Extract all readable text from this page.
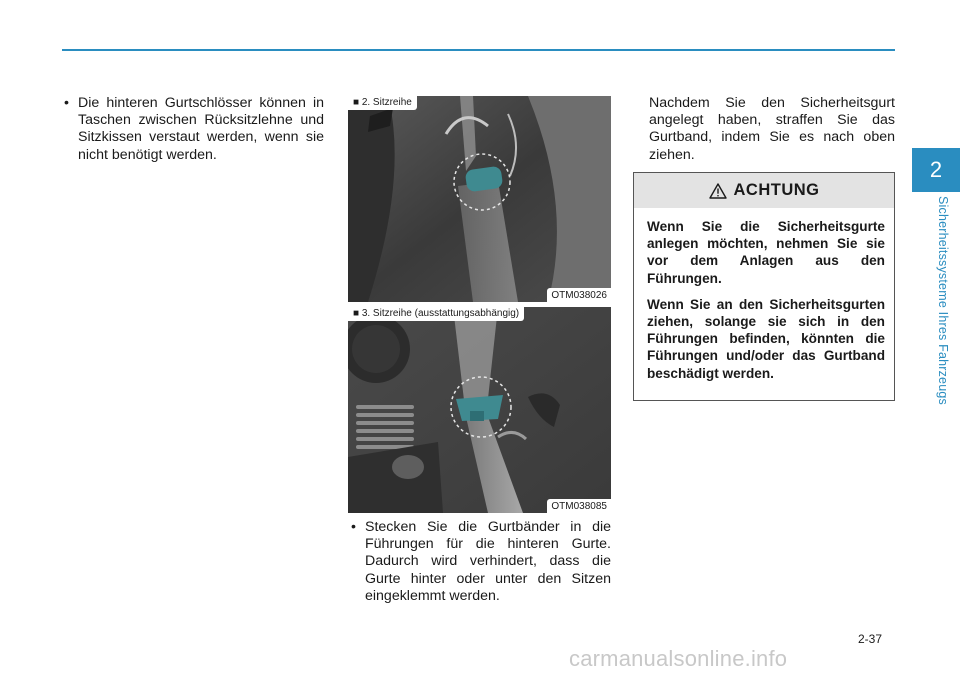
2
Sicherheitssysteme Ihres Fahrzeugs

• Die hinteren Gurtschlösser können in Taschen zwischen Rücksitzlehne und Sitzkissen verstaut werden, wenn sie nicht benötigt werden.

■ 2. Sitzreihe
OTM038026
■ 3. Sitzreihe (ausstattungsabhängig)
OTM038085

• Stecken Sie die Gurtbänder in die Führungen für die hinteren Gurte. Dadurch wird verhindert, dass die Gurte hinter oder unter den Sitzen eingeklemmt werden.

Nachdem Sie den Sicherheitsgurt angelegt haben, straffen Sie das Gurtband, indem Sie es nach oben ziehen.

ACHTUNG

Wenn Sie die Sicherheitsgurte anlegen möchten, nehmen Sie sie vor dem Anlagen aus den Führungen.

Wenn Sie an den Sicherheitsgurten ziehen, solange sie sich in den Führungen befinden, könnten die Führungen und/oder das Gurtband beschädigt werden.

2-37
carmanualsonline.info
